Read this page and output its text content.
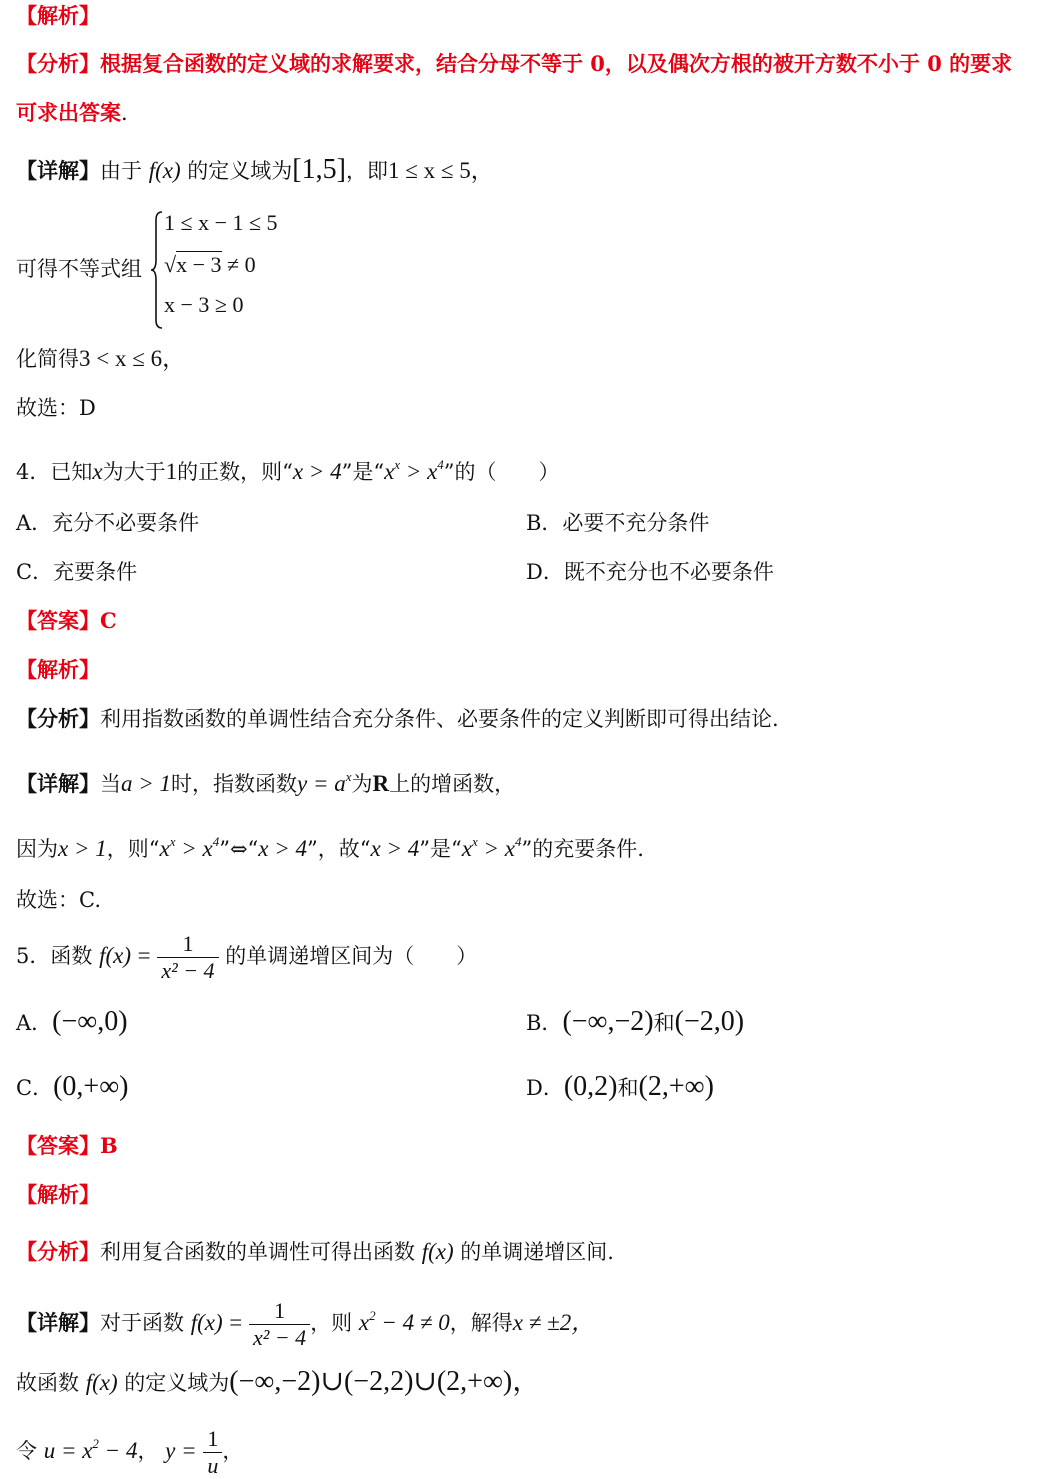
【解析】
【分析】根据复合函数的定义域的求解要求，结合分母不等于 0，以及偶次方根的被开方数不小于 0 的要求
可求出答案.
【详解】由于 f(x) 的定义域为[1,5]，即1 ≤ x ≤ 5，
可得不等式组
1 ≤ x − 1 ≤ 5
√x − 3 ≠ 0
x − 3 ≥ 0
化简得3 < x ≤ 6，
故选：D
4．已知x为大于1的正数，则“x > 4”是“$x^x > x^4$”的（　　）
A．充分不必要条件	B．必要不充分条件
C．充要条件	D．既不充分也不必要条件
【答案】C
【解析】
【分析】利用指数函数的单调性结合充分条件、必要条件的定义判断即可得出结论.
【详解】当a > 1时，指数函数$y = a^x$为R上的增函数，
因为x > 1，则“$x^x$ > $x^4”\Leftrightarrow“x > 4$”，故“x > 4”是“$x^x > x^4$”的充要条件.
故选：C.
5．函数 $f(x) = \frac{1}{\text{x² − 4}}$ 的单调递增区间为（　　）
A．(−∞,0)	B．(−∞,−2)和(−2,0)
C．(0,+∞)	D．(0,2)和(2,+∞)
【答案】B
【解析】
【分析】利用复合函数的单调性可得出函数 f(x) 的单调递增区间.
【详解】对于函数 $f(x) = \frac{1}{\text{x² − 4}}$ ，则 $x^2 - 4 \ne 0$，解得x ≠ ±2，
故函数 f(x) 的定义域为(−∞,−2)∪(−2,2)∪(2,+∞)，
令 $u = x^2 - 4$， $y = \frac{1}{u}$ ，
